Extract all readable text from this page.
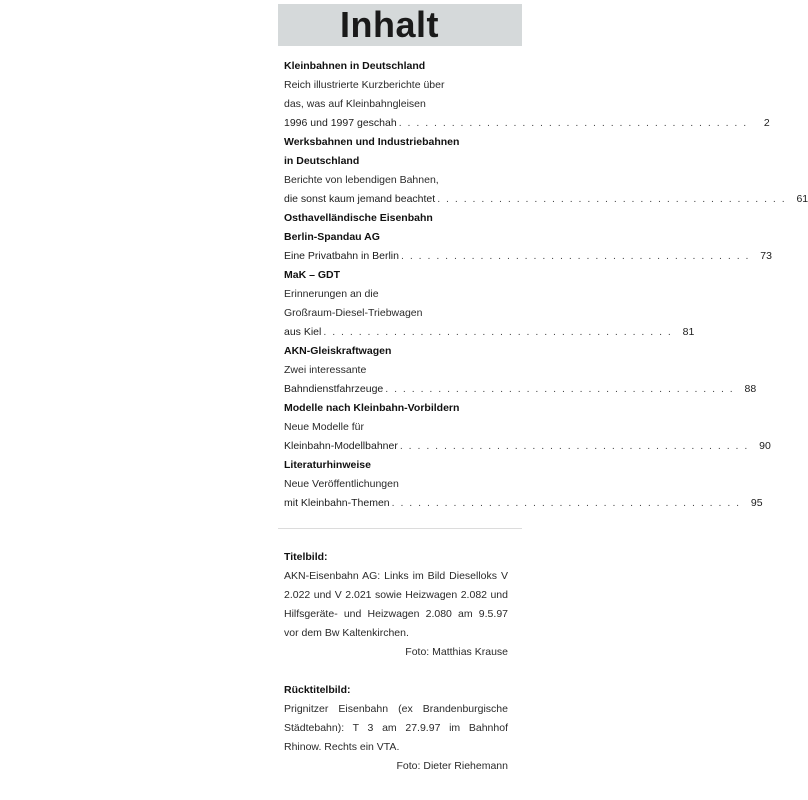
Inhalt
Kleinbahnen in Deutschland
Reich illustrierte Kurzberichte über
das, was auf Kleinbahngleisen
1996 und 1997 geschah . . . . . . . . . . . . . . . . . . . . . . . . . . . . . . . . . . . . . . . .	2
Werksbahnen und Industriebahnen
in Deutschland
Berichte von lebendigen Bahnen,
die sonst kaum jemand beachtet . . . . . . . . . . . . . . . . . . . . . . . . . . . . . . . . . . . . . . . . 61
Osthavelländische Eisenbahn
Berlin-Spandau AG
Eine Privatbahn in Berlin . . . . . . . . . . . . . . . . . . . . . . . . . . . . . . . . . . . . . . . . 73
MaK – GDT
Erinnerungen an die
Großraum-Diesel-Triebwagen
aus Kiel . . . . . . . . . . . . . . . . . . . . . . . . . . . . . . . . . . . . . . . . 81
AKN-Gleiskraftwagen
Zwei interessante
Bahndienstfahrzeuge . . . . . . . . . . . . . . . . . . . . . . . . . . . . . . . . . . . . . . . . 88
Modelle nach Kleinbahn-Vorbildern
Neue Modelle für
Kleinbahn-Modellbahner . . . . . . . . . . . . . . . . . . . . . . . . . . . . . . . . . . . . . . . . 90
Literaturhinweise
Neue Veröffentlichungen
mit Kleinbahn-Themen . . . . . . . . . . . . . . . . . . . . . . . . . . . . . . . . . . . . . . . . 95
Titelbild:
AKN-Eisenbahn AG: Links im Bild Dieselloks V 2.022 und V 2.021 sowie Heizwagen 2.082 und Hilfsgeräte- und Heizwagen 2.080 am 9.5.97 vor dem Bw Kaltenkirchen.
Foto: Matthias Krause
Rücktitelbild:
Prignitzer Eisenbahn (ex Brandenburgische Städtebahn): T 3 am 27.9.97 im Bahnhof Rhinow. Rechts ein VTA.
Foto: Dieter Riehemann
